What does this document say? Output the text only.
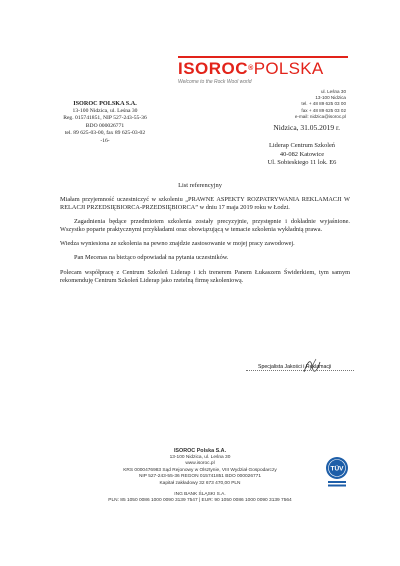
ISOROC®POLSKA
Welcome to the Rock Wool world
ul. Leśna 30
13-100 Nidzica
tel. + 48 89 625 03 00
fax + 48 89 625 03 02
e-mail: nidzica@isoroc.pl
ISOROC POLSKA S.A.
13-100 Nidzica, ul. Leśna 30
Reg. 015741851, NIP 527-243-55-36
BDO 000026771
tel. 89 625-03-00, fax 89 625-03-02
-16-
Nidzica, 31.05.2019 r.
Liderap Centrum Szkoleń
40-082 Katowice
Ul. Sobieskiego 11 lok. E6
List referencyjny

Miałam przyjemność uczestniczyć w szkoleniu „PRAWNE ASPEKTY ROZPATRYWANIA REKLAMACJI W RELACJI PRZEDSIĘBIORCA-PRZEDSIĘBIORCA” w dniu 17 maja 2019 roku w Łodzi.

Zagadnienia będące przedmiotem szkolenia zostały precyzyjnie, przystępnie i dokładnie wyjaśnione. Wszystko poparte praktycznymi przykładami oraz obowiązującą w temacie szkolenia wykładnią prawa.

Wiedza wyniesiona ze szkolenia na pewno znajdzie zastosowanie w mojej pracy zawodowej.

Pan Mecenas na bieżąco odpowiadał na pytania uczestników.

Polecam współpracę z Centrum Szkoleń Liderap i ich trenerem Panem Łukaszem Świderkiem, tym samym rekomenduję Centrum Szkoleń Liderap jako rzetelną firmę szkoleniową.

Specjalista Jakości i Reklamacji
ISOROC Polska S.A.
13-100 Nidzica, ul. Leśna 30
www.isoroc.pl
KRS 0000476983 Sąd Rejonowy w Olsztynie, VIII Wydział Gospodarczy
NIP 527-243-55-36 REGON 015741851 BDO 000026771
Kapitał zakładowy 32 673 470,00 PLN
ING BANK ŚLĄSKI S.A.
PLN: 85 1050 0086 1000 0090 3139 7547 | EUR: 90 1050 0086 1000 0090 3139 7564
TÜV
